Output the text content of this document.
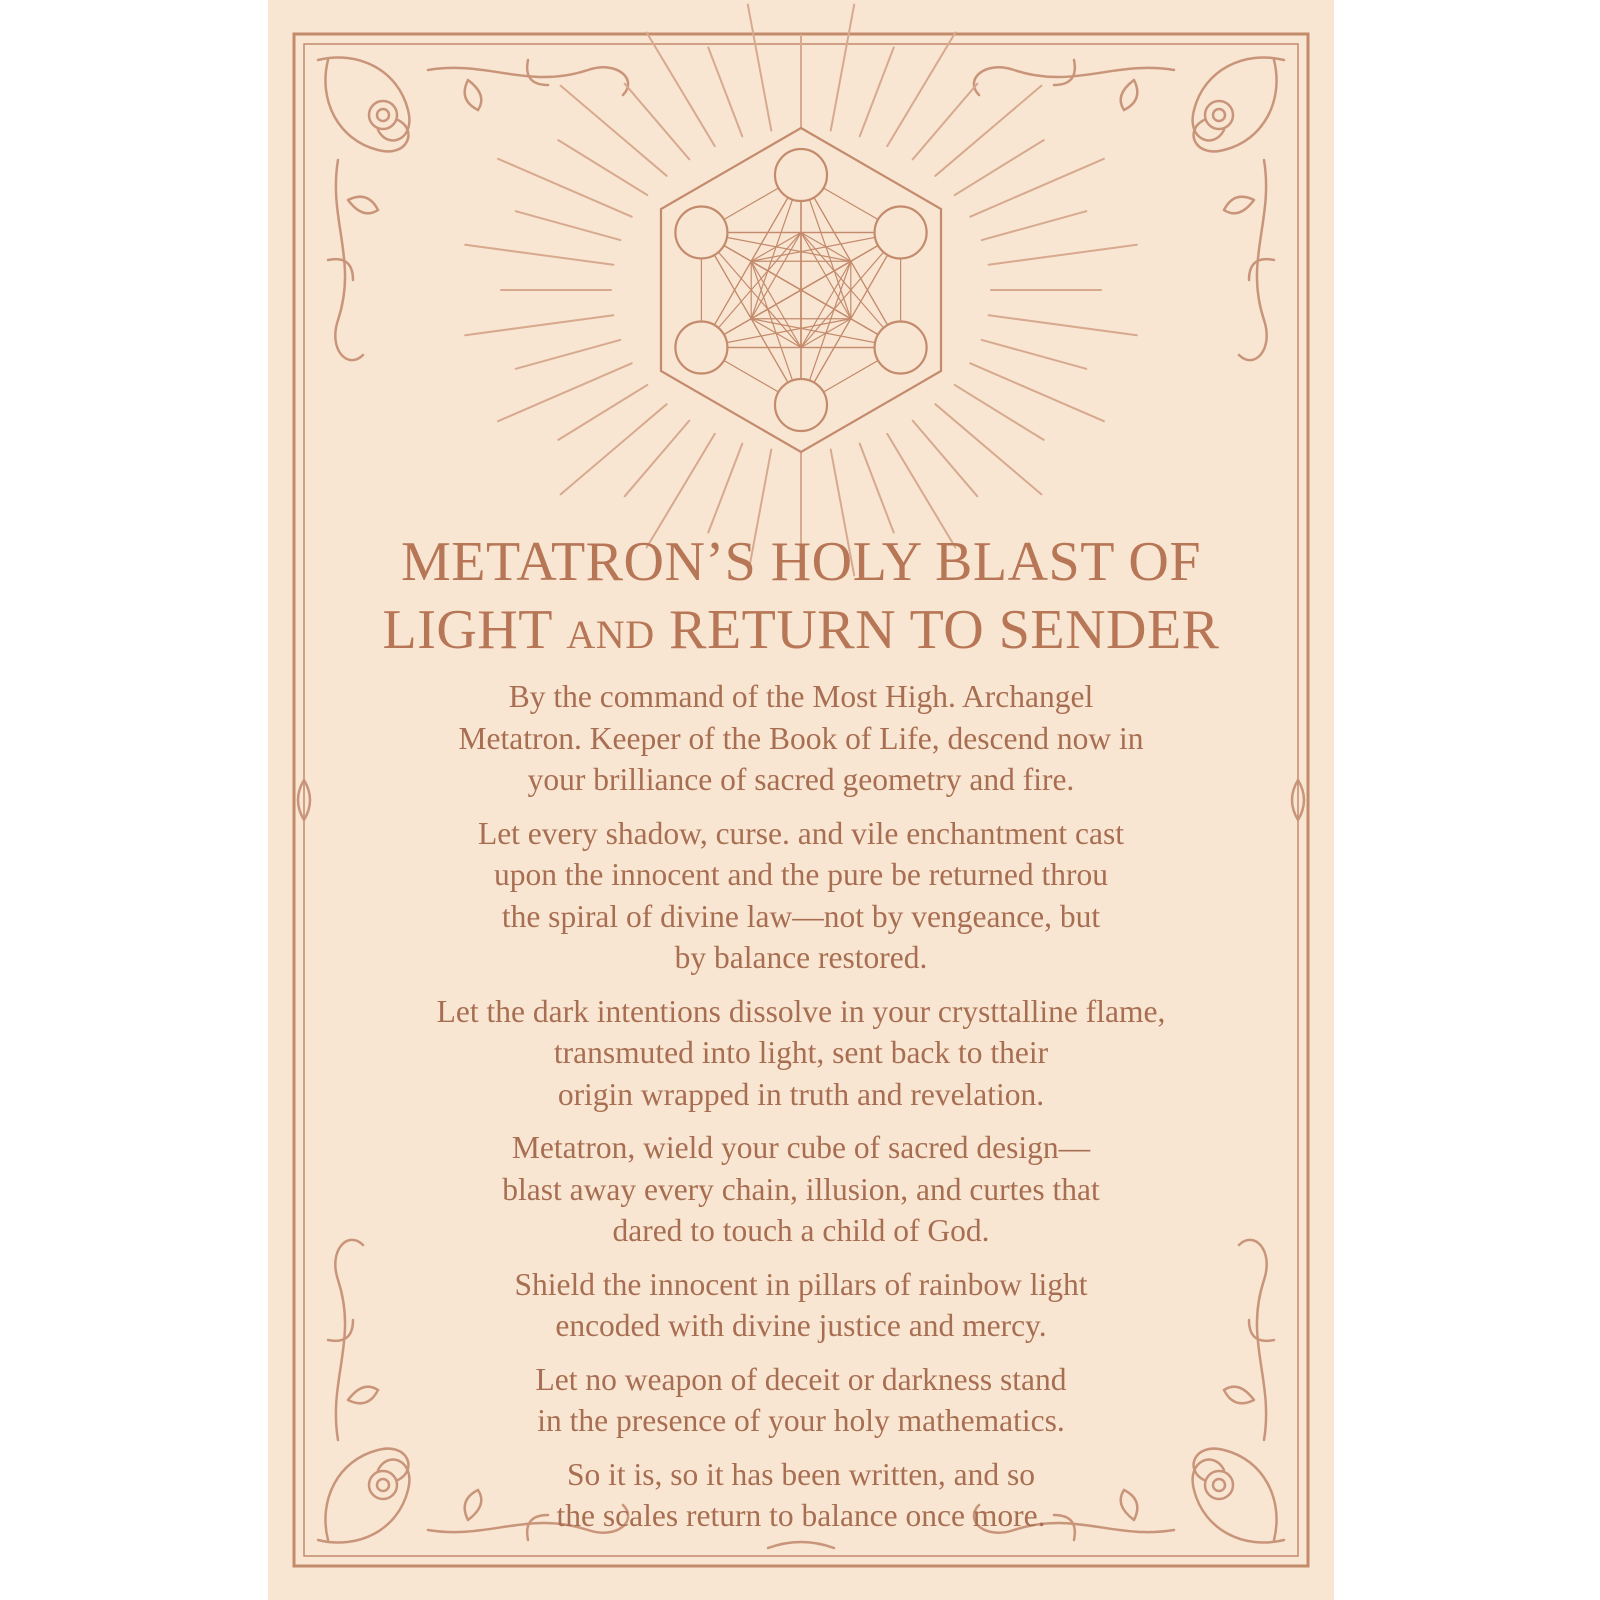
METATRON’S HOLY BLAST OF
LIGHT AND RETURN TO SENDER

By the command of the Most High. Archangel
Metatron. Keeper of the Book of Life, descend now in
your brilliance of sacred geometry and fire.

Let every shadow, curse. and vile enchantment cast
upon the innocent and the pure be returned throu
the spiral of divine law—not by vengeance, but
by balance restored.

Let the dark intentions dissolve in your crysttalline flame,
transmuted into light, sent back to their
origin wrapped in truth and revelation.

Metatron, wield your cube of sacred design—
blast away every chain, illusion, and curtes that
dared to touch a child of God.

Shield the innocent in pillars of rainbow light
encoded with divine justice and mercy.

Let no weapon of deceit or darkness stand
in the presence of your holy mathematics.

So it is, so it has been written, and so
the scales return to balance once more.
